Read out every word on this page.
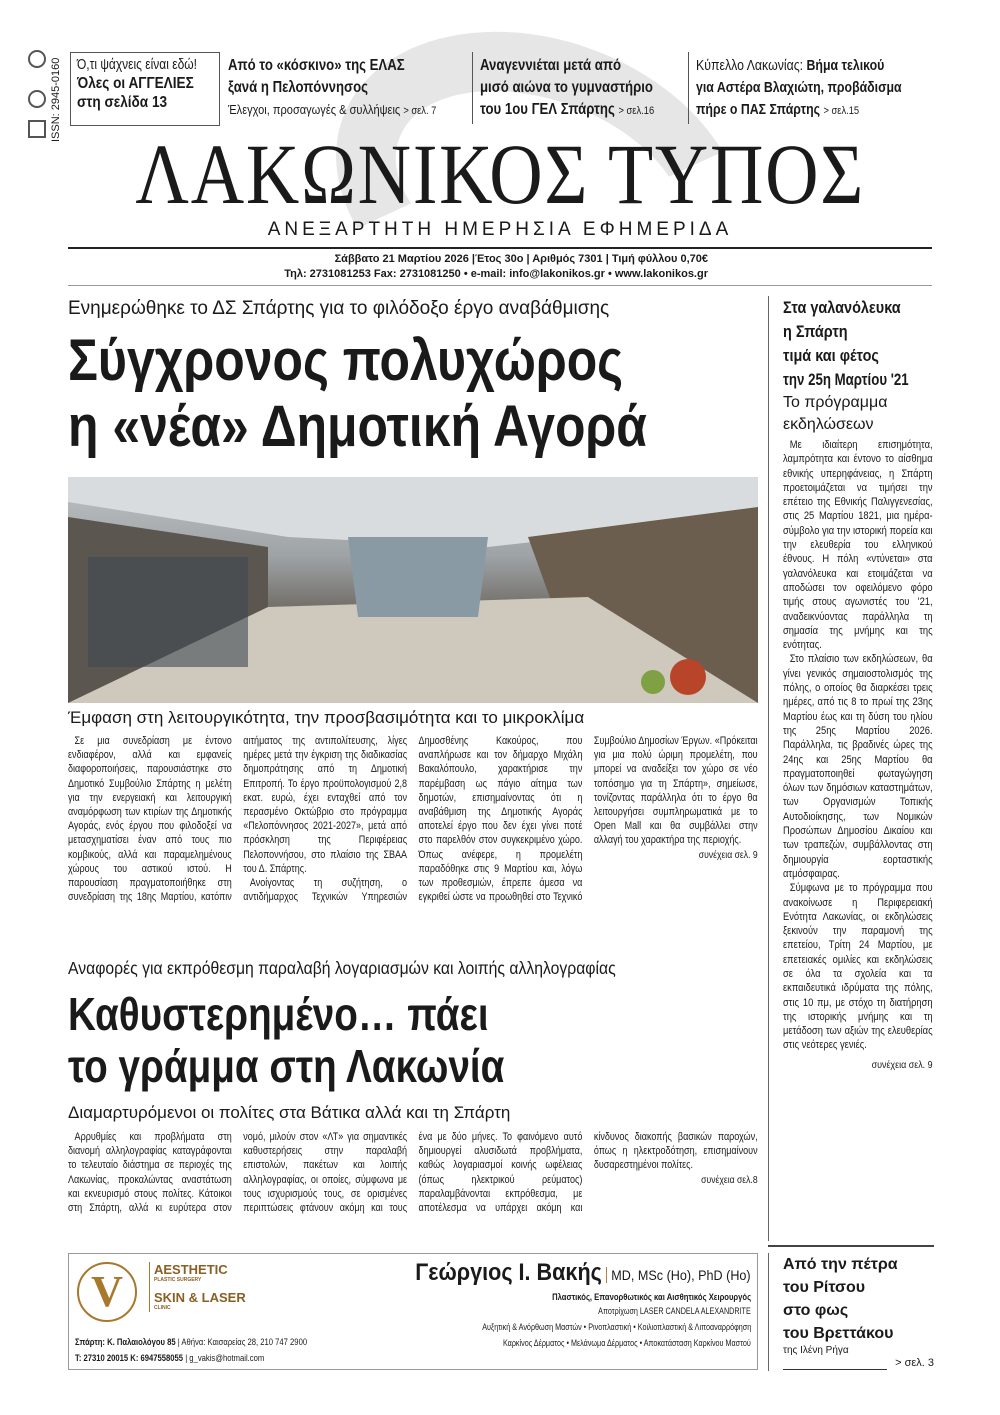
ISSN: 2945-0160 Ό,τι ψάχνεις είναι εδώ!
Όλες οι ΑΓΓΕΛΙΕΣ
στη σελίδα 13
Από το «κόσκινο» της ΕΛΑΣ
ξανά η Πελοπόννησος
Έλεγχοι, προσαγωγές & συλλήψεις > σελ. 7
Αναγεννιέται μετά από
μισό αιώνα το γυμναστήριο
του 1ου ΓΕΛ Σπάρτης > σελ.16
Κύπελλο Λακωνίας: Βήμα τελικού
για Αστέρα Βλαχιώτη, προβάδισμα
πήρε ο ΠΑΣ Σπάρτης > σελ.15
ΛΑΚΩΝΙΚΟΣ ΤΥΠΟΣ
ΑΝΕΞΑΡΤΗΤΗ ΗΜΕΡΗΣΙΑ ΕΦΗΜΕΡΙΔΑ
Σάββατο 21 Μαρτίου 2026 |Έτος 30ο | Αριθμός 7301 | Τιμή φύλλου 0,70€
Τηλ: 2731081253 Fax: 2731081250 • e-mail: info@lakonikos.gr • www.lakonikos.gr
Ενημερώθηκε το ΔΣ Σπάρτης για το φιλόδοξο έργο αναβάθμισης
Σύγχρονος πολυχώρος
η «νέα» Δημοτική Αγορά
Έμφαση στη λειτουργικότητα, την προσβασιμότητα και το μικροκλίμα

Σε μια συνεδρίαση με έντονο ενδιαφέρον, αλλά και εμφανείς διαφοροποιήσεις, παρουσιάστηκε στο Δημοτικό Συμβούλιο Σπάρτης η μελέτη για την ενεργειακή και λειτουργική αναμόρφωση των κτιρίων της Δημοτικής Αγοράς, ενός έργου που φιλοδοξεί να μετασχηματίσει έναν από τους πιο κομβικούς, αλλά και παραμελημένους χώρους του αστικού ιστού. Η παρουσίαση πραγματοποιήθηκε στη συνεδρίαση της 18ης Μαρτίου, κατόπιν αιτήματος της αντιπολίτευσης, λίγες ημέρες μετά την έγκριση της διαδικασίας δημοπράτησης από τη Δημοτική Επιτροπή. Το έργο προϋπολογισμού 2,8 εκατ. ευρώ, έχει ενταχθεί από τον περασμένο Οκτώβριο στο πρόγραμμα «Πελοπόννησος 2021-2027», μετά από πρόσκληση της Περιφέρειας Πελοποννήσου, στο πλαίσιο της ΣΒΑΑ του Δ. Σπάρτης.

Ανοίγοντας τη συζήτηση, ο αντιδήμαρχος Τεχνικών Υπηρεσιών Δημοσθένης Κακούρος, που αναπλήρωσε και τον δήμαρχο Μιχάλη Βακαλόπουλο, χαρακτήρισε την παρέμβαση ως πάγιο αίτημα των δημοτών, επισημαίνοντας ότι η αναβάθμιση της Δημοτικής Αγοράς αποτελεί έργο που δεν έχει γίνει ποτέ στο παρελθόν στον συγκεκριμένο χώρο. Όπως ανέφερε, η προμελέτη παραδόθηκε στις 9 Μαρτίου και, λόγω των προθεσμιών, έπρεπε άμεσα να εγκριθεί ώστε να προωθηθεί στο Τεχνικό Συμβούλιο Δημοσίων Έργων. «Πρόκειται για μια πολύ ώριμη προμελέτη, που μπορεί να αναδείξει τον χώρο σε νέο τοπόσημο για τη Σπάρτη», σημείωσε, τονίζοντας παράλληλα ότι το έργο θα λειτουργήσει συμπληρωματικά με το Open Mall και θα συμβάλλει στην αλλαγή του χαρακτήρα της περιοχής.

συνέχεια σελ. 9

Αναφορές για εκπρόθεσμη παραλαβή λογαριασμών και λοιπής αλληλογραφίας
Καθυστερημένο… πάει
το γράμμα στη Λακωνία
Διαμαρτυρόμενοι οι πολίτες στα Βάτικα αλλά και τη Σπάρτη

Αρρυθμίες και προβλήματα στη διανομή αλληλογραφίας καταγράφονται το τελευταίο διάστημα σε περιοχές της Λακωνίας, προκαλώντας αναστάτωση και εκνευρισμό στους πολίτες. Κάτοικοι στη Σπάρτη, αλλά κι ευρύτερα στον νομό, μιλούν στον «ΛΤ» για σημαντικές καθυστερήσεις στην παραλαβή επιστολών, πακέτων και λοιπής αλληλογραφίας, οι οποίες, σύμφωνα με τους ισχυρισμούς τους, σε ορισμένες περιπτώσεις φτάνουν ακόμη και τους ένα με δύο μήνες. Το φαινόμενο αυτό δημιουργεί αλυσιδωτά προβλήματα, καθώς λογαριασμοί κοινής ωφέλειας (όπως ηλεκτρικού ρεύματος) παραλαμβάνονται εκπρόθεσμα, με αποτέλεσμα να υπάρχει ακόμη και κίνδυνος διακοπής βασικών παροχών, όπως η ηλεκτροδότηση, επισημαίνουν δυσαρεστημένοι πολίτες.

συνέχεια σελ.8

Στα γαλανόλευκα
η Σπάρτη
τιμά και φέτος
την 25η Μαρτίου '21
Το πρόγραμμα
εκδηλώσεων

Με ιδιαίτερη επισημότητα, λαμπρότητα και έντονο το αίσθημα εθνικής υπερηφάνειας, η Σπάρτη προετοιμάζεται να τιμήσει την επέτειο της Εθνικής Παλιγγενεσίας, στις 25 Μαρτίου 1821, μια ημέρα-σύμβολο για την ιστορική πορεία και την ελευθερία του ελληνικού έθνους. Η πόλη «ντύνεται» στα γαλανόλευκα και ετοιμάζεται να αποδώσει τον οφειλόμενο φόρο τιμής στους αγωνιστές του '21, αναδεικνύοντας παράλληλα τη σημασία της μνήμης και της ενότητας.

Στο πλαίσιο των εκδηλώσεων, θα γίνει γενικός σημαιοστολισμός της πόλης, ο οποίος θα διαρκέσει τρεις ημέρες, από τις 8 το πρωί της 23ης Μαρτίου έως και τη δύση του ηλίου της 25ης Μαρτίου 2026. Παράλληλα, τις βραδινές ώρες της 24ης και 25ης Μαρτίου θα πραγματοποιηθεί φωταγώγηση όλων των δημόσιων καταστημάτων, των Οργανισμών Τοπικής Αυτοδιοίκησης, των Νομικών Προσώπων Δημοσίου Δικαίου και των τραπεζών, συμβάλλοντας στη δημιουργία εορταστικής ατμόσφαιρας.

Σύμφωνα με το πρόγραμμα που ανακοίνωσε η Περιφερειακή Ενότητα Λακωνίας, οι εκδηλώσεις ξεκινούν την παραμονή της επετείου, Τρίτη 24 Μαρτίου, με επετειακές ομιλίες και εκδηλώσεις σε όλα τα σχολεία και τα εκπαιδευτικά ιδρύματα της πόλης, στις 10 πμ, με στόχο τη διατήρηση της ιστορικής μνήμης και τη μετάδοση των αξιών της ελευθερίας στις νεότερες γενιές.

συνέχεια σελ. 9
Από την πέτρα
του Ρίτσου
στο φως
του Βρεττάκου
της Ιλένη Ρήγα
> σελ. 3
V	AESTHETIC
PLASTIC SURGERY
SKIN & LASER
CLINIC
Σπάρτη: Κ. Παλαιολόγου 85 | Αθήνα: Καισαρείας 28, 210 747 2900
Τ: 27310 20015 Κ: 6947558055 | g_vakis@hotmail.com
Γεώργιος Ι. Βακής MD, MSc (Ho), PhD (Ho)
Πλαστικός, Επανορθωτικός και Αισθητικός Χειρουργός
Αποτρίχωση LASER CANDELA ALEXANDRITE
Αυξητική & Ανόρθωση Μαστών • Ρινοπλαστική • Κοιλιοπλαστική & Λιποαναρρόφηση
Καρκίνος Δέρματος • Μελάνωμα Δέρματος • Αποκατάσταση Καρκίνου Μαστού
